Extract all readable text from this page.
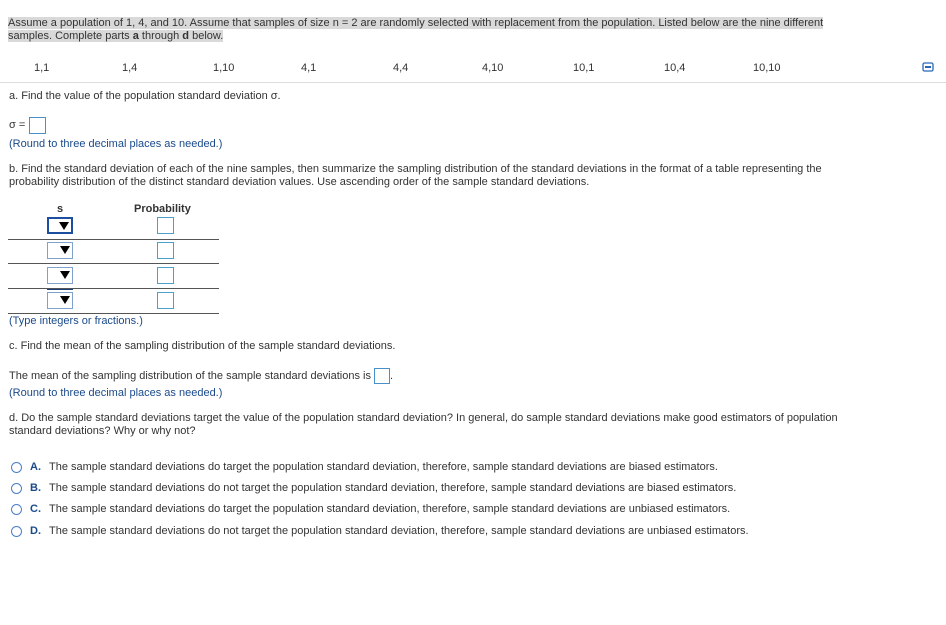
Assume a population of 1, 4, and 10. Assume that samples of size n = 2 are randomly selected with replacement from the population. Listed below are the nine different
samples. Complete parts a through d below.
1,1	1,4	1,10	4,1	4,4	4,10	10,1	10,4	10,10
a. Find the value of the population standard deviation σ.
σ =
(Round to three decimal places as needed.)
b. Find the standard deviation of each of the nine samples, then summarize the sampling distribution of the standard deviations in the format of a table representing the
probability distribution of the distinct standard deviation values. Use ascending order of the sample standard deviations.
s	Probability
(Type integers or fractions.)
c. Find the mean of the sampling distribution of the sample standard deviations.
The mean of the sampling distribution of the sample standard deviations is .
(Round to three decimal places as needed.)
d. Do the sample standard deviations target the value of the population standard deviation? In general, do sample standard deviations make good estimators of population
standard deviations? Why or why not?
A. The sample standard deviations do target the population standard deviation, therefore, sample standard deviations are biased estimators.
B. The sample standard deviations do not target the population standard deviation, therefore, sample standard deviations are biased estimators.
C. The sample standard deviations do target the population standard deviation, therefore, sample standard deviations are unbiased estimators.
D. The sample standard deviations do not target the population standard deviation, therefore, sample standard deviations are unbiased estimators.
